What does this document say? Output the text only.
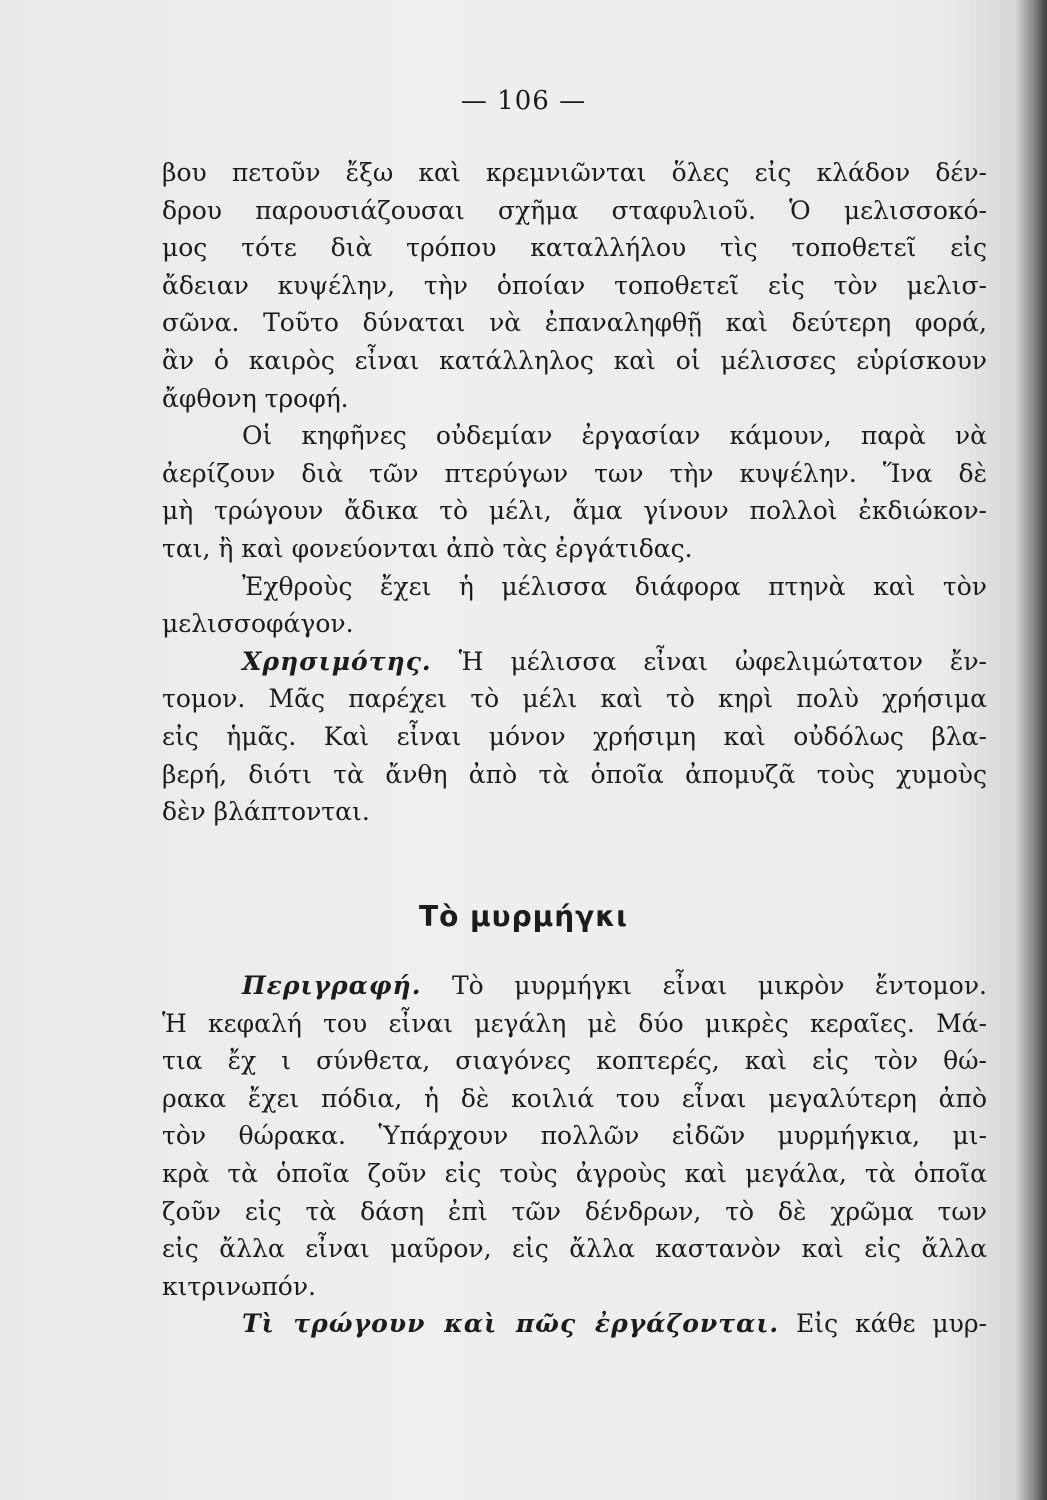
— 106 —
βου πετοῦν ἔξω καὶ κρεμνιῶνται ὅλες εἰς κλάδον δέν-
δρου παρουσιάζουσαι σχῆμα σταφυλιοῦ. Ὁ μελισσοκό-
μος τότε διὰ τρόπου καταλλήλου τὶς τοποθετεῖ εἰς
ἄδειαν κυψέλην, τὴν ὁποίαν τοποθετεῖ εἰς τὸν μελισ-
σῶνα. Τοῦτο δύναται νὰ ἐπαναληφθῇ καὶ δεύτερη φορά,
ἂν ὁ καιρὸς εἶναι κατάλληλος καὶ οἱ μέλισσες εὑρίσκουν
ἄφθονη τροφή.
Οἱ κηφῆνες οὐδεμίαν ἐργασίαν κάμουν, παρὰ νὰ
ἀερίζουν διὰ τῶν πτερύγων των τὴν κυψέλην. Ἵνα δὲ
μὴ τρώγουν ἄδικα τὸ μέλι, ἅμα γίνουν πολλοὶ ἐκδιώκον-
ται, ἢ καὶ φονεύονται ἀπὸ τὰς ἐργάτιδας.
Ἐχθροὺς ἔχει ἡ μέλισσα διάφορα πτηνὰ καὶ τὸν
μελισσοφάγον.
Χρησιμότης. Ἡ μέλισσα εἶναι ὠφελιμώτατον ἔν-
τομον. Μᾶς παρέχει τὸ μέλι καὶ τὸ κηρὶ πολὺ χρήσιμα
εἰς ἡμᾶς. Καὶ εἶναι μόνον χρήσιμη καὶ οὐδόλως βλα-
βερή, διότι τὰ ἄνθη ἀπὸ τὰ ὁποῖα ἀπομυζᾶ τοὺς χυμοὺς
δὲν βλάπτονται.
Τὸ μυρμήγκι
Περιγραφή. Τὸ μυρμήγκι εἶναι μικρὸν ἔντομον.
Ἡ κεφαλή του εἶναι μεγάλη μὲ δύο μικρὲς κεραῖες. Μά-
τια ἔχ ι σύνθετα, σιαγόνες κοπτερές, καὶ εἰς τὸν θώ-
ρακα ἔχει πόδια, ἡ δὲ κοιλιά του εἶναι μεγαλύτερη ἀπὸ
τὸν θώρακα. Ὑπάρχουν πολλῶν εἰδῶν μυρμήγκια, μι-
κρὰ τὰ ὁποῖα ζοῦν εἰς τοὺς ἀγροὺς καὶ μεγάλα, τὰ ὁποῖα
ζοῦν εἰς τὰ δάση ἐπὶ τῶν δένδρων, τὸ δὲ χρῶμα των
εἰς ἄλλα εἶναι μαῦρον, εἰς ἄλλα καστανὸν καὶ εἰς ἄλλα
κιτρινωπόν.
Τὶ τρώγουν καὶ πῶς ἐργάζονται. Εἰς κάθε μυρ-
